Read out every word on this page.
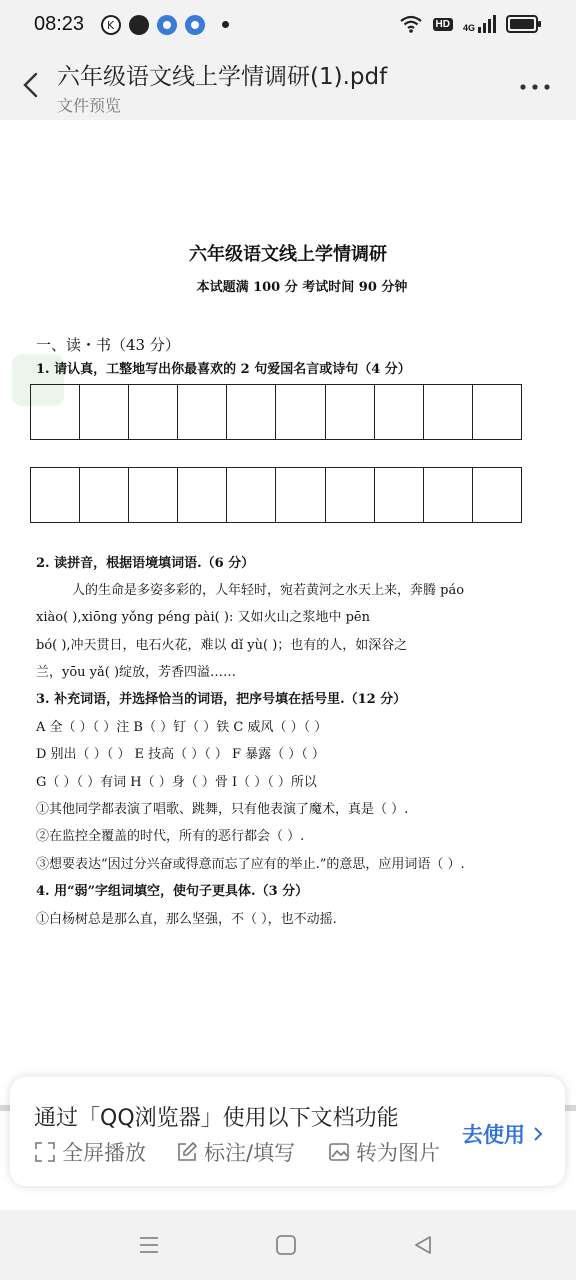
08:23 K	HD	4G
六年级语文线上学情调研(1).pdf
文件预览
六年级语文线上学情调研
本试题满 100 分 考试时间 90 分钟
一、读・书（43 分）
1. 请认真，工整地写出你最喜欢的 2 句爱国名言或诗句（4 分）
2. 读拼音，根据语境填词语.（6 分）
人的生命是多姿多彩的，人年轻时，宛若黄河之水天上来，奔腾 páo
xiào( ),xiōng yǒng péng pài( ): 又如火山之浆地中 pēn
bó( ),冲天贯日，电石火花，难以 dǐ yù( )；也有的人，如深谷之
兰，yōu yǎ( )绽放，芳香四溢……
3. 补充词语，并选择恰当的词语，把序号填在括号里.（12 分）
A 全（ ）（ ）注 B（ ）钉（ ）铁 C 威风（ ）（ ）
D 别出（ ）（ ） E 技高（ ）（ ） F 暴露（ ）（ ）
G（ ）（ ）有词 H（ ）身（ ）骨 I（ ）（ ）所以
①其他同学都表演了唱歌、跳舞，只有他表演了魔术，真是（ ）.
②在监控全覆盖的时代，所有的恶行都会（ ）.
③想要表达“因过分兴奋或得意而忘了应有的举止.”的意思，应用词语（ ）.
4. 用“弱”字组词填空，使句子更具体.（3 分）
①白杨树总是那么直，那么坚强，不（ ），也不动摇.
通过「QQ浏览器」使用以下文档功能
全屏播放	标注/填写	转为图片
去使用
